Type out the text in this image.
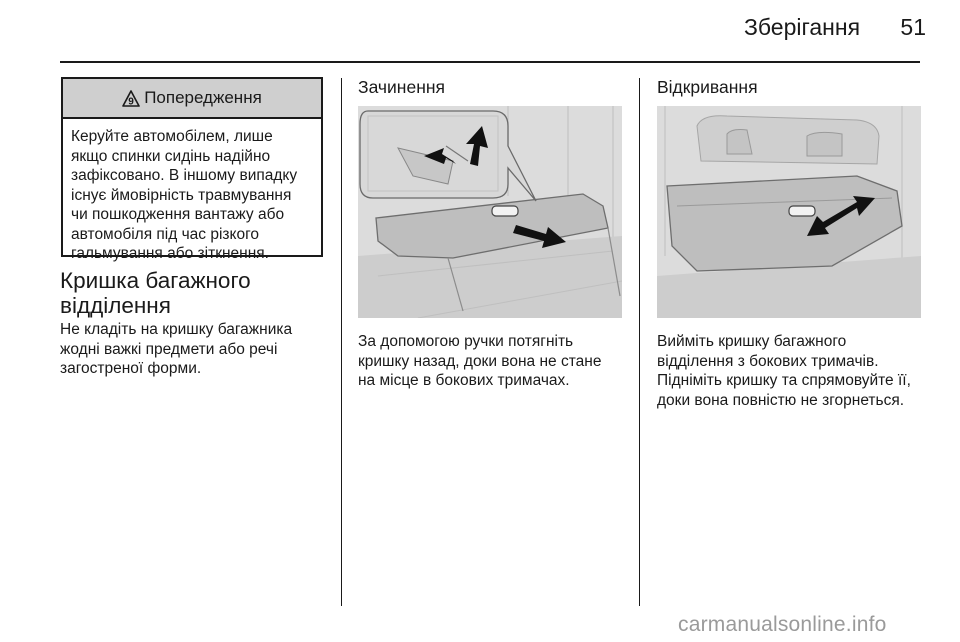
Зберігання	51
9 Попередження
Керуйте автомобілем, лише
якщо спинки сидінь надійно
зафіксовано. В іншому випадку
існує ймовірність травмування
чи пошкодження вантажу або
автомобіля під час різкого
гальмування або зіткнення.
Кришка багажного
відділення
Не кладіть на кришку багажника
жодні важкі предмети або речі
загостреної форми.
Зачинення
За допомогою ручки потягніть
кришку назад, доки вона не стане
на місце в бокових тримачах.
Відкривання
Вийміть кришку багажного
відділення з бокових тримачів.
Підніміть кришку та спрямовуйте її,
доки вона повністю не згорнеться.
carmanualsonline.info
